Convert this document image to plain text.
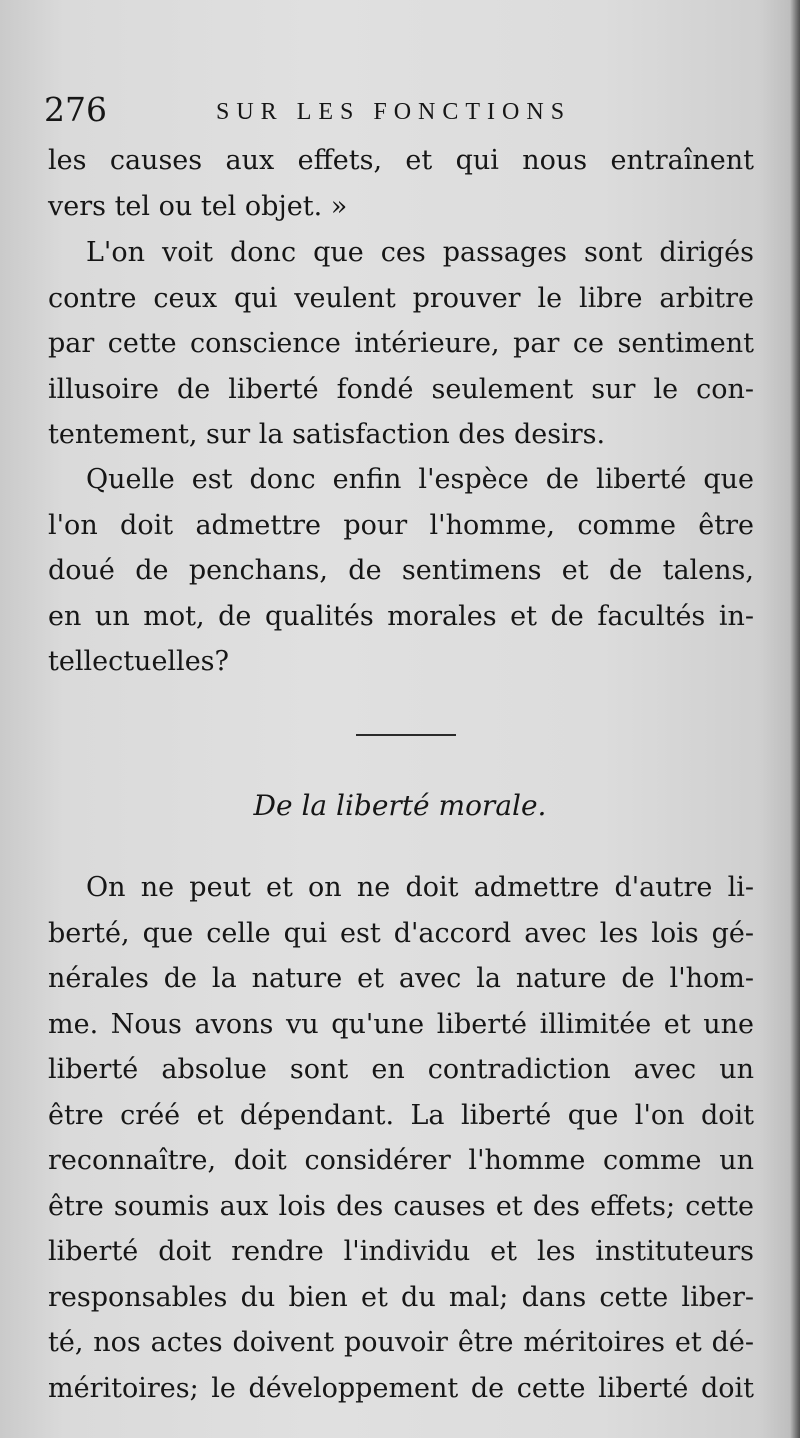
276	SUR LES FONCTIONS
les causes aux effets, et qui nous entraînent
vers tel ou tel objet. »
L'on voit donc que ces passages sont dirigés
contre ceux qui veulent prouver le libre arbitre
par cette conscience intérieure, par ce sentiment
illusoire de liberté fondé seulement sur le con-
tentement, sur la satisfaction des desirs.
Quelle est donc enfin l'espèce de liberté que
l'on doit admettre pour l'homme, comme être
doué de penchans, de sentimens et de talens,
en un mot, de qualités morales et de facultés in-
tellectuelles?
De la liberté morale.
On ne peut et on ne doit admettre d'autre li-
berté, que celle qui est d'accord avec les lois gé-
nérales de la nature et avec la nature de l'hom-
me. Nous avons vu qu'une liberté illimitée et une
liberté absolue sont en contradiction avec un
être créé et dépendant. La liberté que l'on doit
reconnaître, doit considérer l'homme comme un
être soumis aux lois des causes et des effets; cette
liberté doit rendre l'individu et les instituteurs
responsables du bien et du mal; dans cette liber-
té, nos actes doivent pouvoir être méritoires et dé-
méritoires; le développement de cette liberté doit
